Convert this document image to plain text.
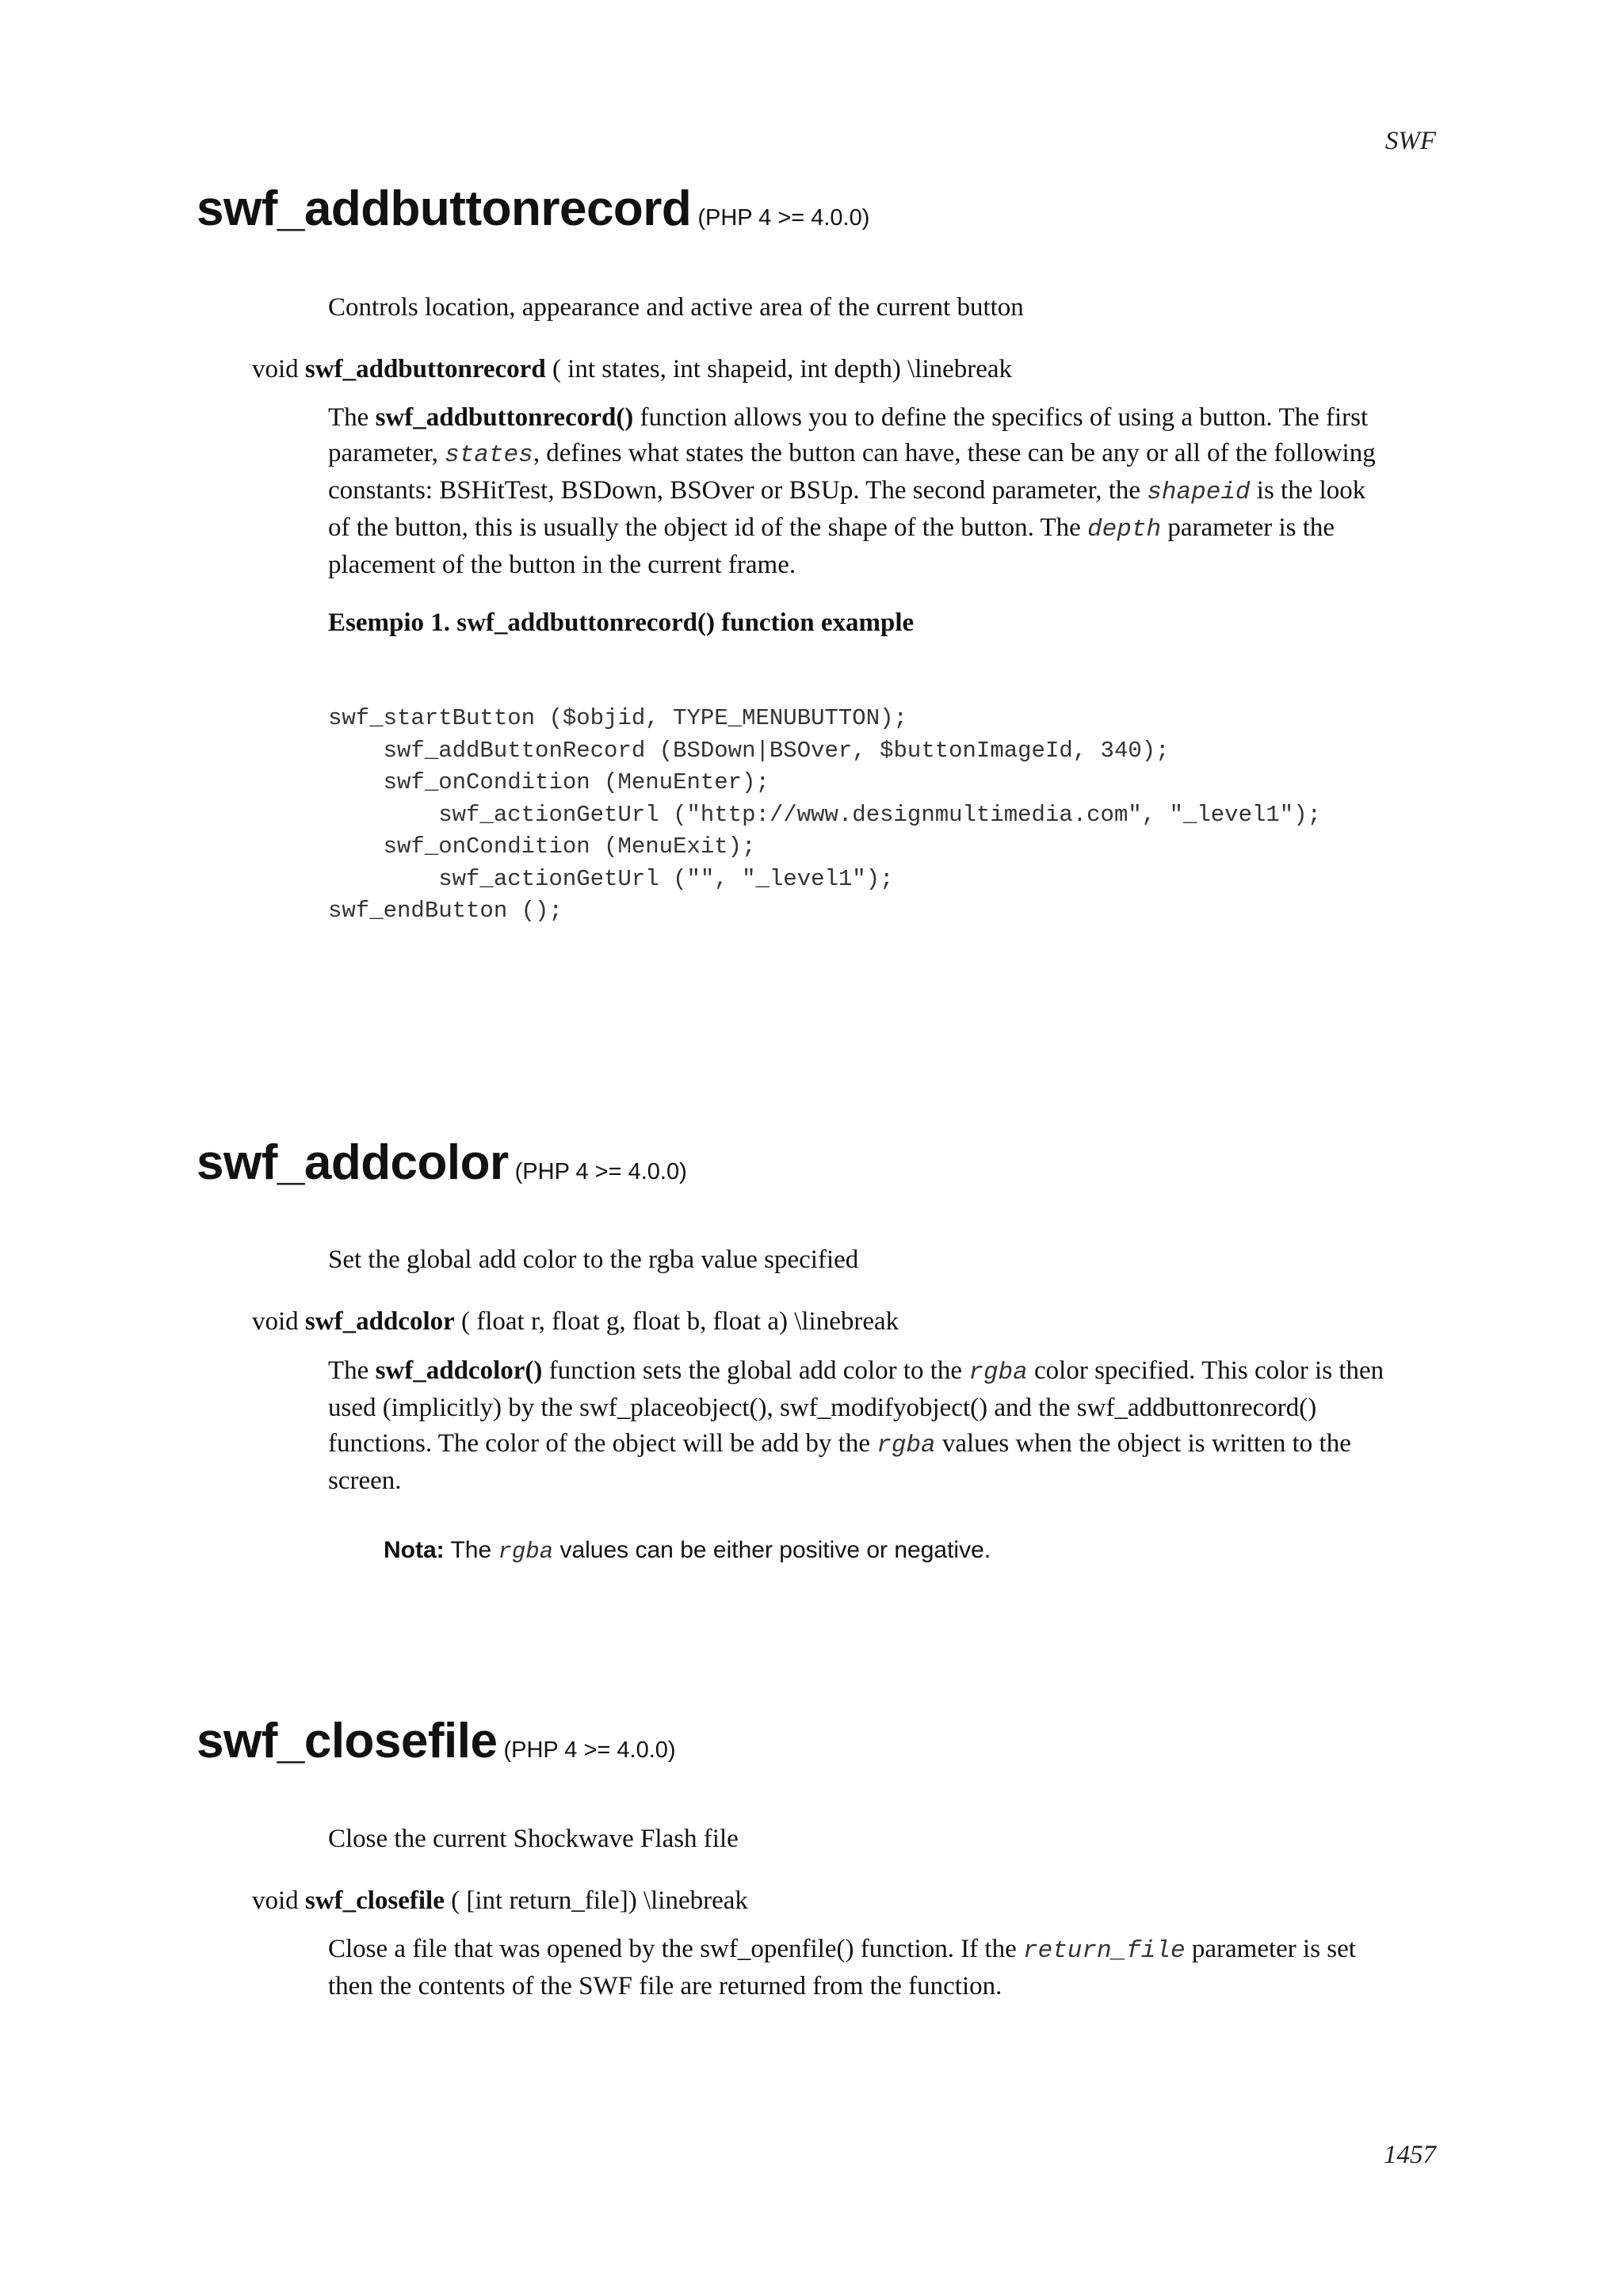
SWF
swf_addbuttonrecord (PHP 4 >= 4.0.0)
Controls location, appearance and active area of the current button
void swf_addbuttonrecord ( int states, int shapeid, int depth) \linebreak
The swf_addbuttonrecord() function allows you to define the specifics of using a button. The first
parameter, states, defines what states the button can have, these can be any or all of the following
constants: BSHitTest, BSDown, BSOver or BSUp. The second parameter, the shapeid is the look
of the button, this is usually the object id of the shape of the button. The depth parameter is the
placement of the button in the current frame.
Esempio 1. swf_addbuttonrecord() function example
swf_startButton ($objid, TYPE_MENUBUTTON);
swf_addButtonRecord (BSDown|BSOver, $buttonImageId, 340);
swf_onCondition (MenuEnter);
swf_actionGetUrl ("http://www.designmultimedia.com", "_level1");
swf_onCondition (MenuExit);
swf_actionGetUrl ("", "_level1");
swf_endButton ();
swf_addcolor (PHP 4 >= 4.0.0)
Set the global add color to the rgba value specified
void swf_addcolor ( float r, float g, float b, float a) \linebreak
The swf_addcolor() function sets the global add color to the rgba color specified. This color is then
used (implicitly) by the swf_placeobject(), swf_modifyobject() and the swf_addbuttonrecord()
functions. The color of the object will be add by the rgba values when the object is written to the
screen.
Nota: The rgba values can be either positive or negative.
swf_closefile (PHP 4 >= 4.0.0)
Close the current Shockwave Flash file
void swf_closefile ( [int return_file]) \linebreak
Close a file that was opened by the swf_openfile() function. If the return_file parameter is set
then the contents of the SWF file are returned from the function.
1457
